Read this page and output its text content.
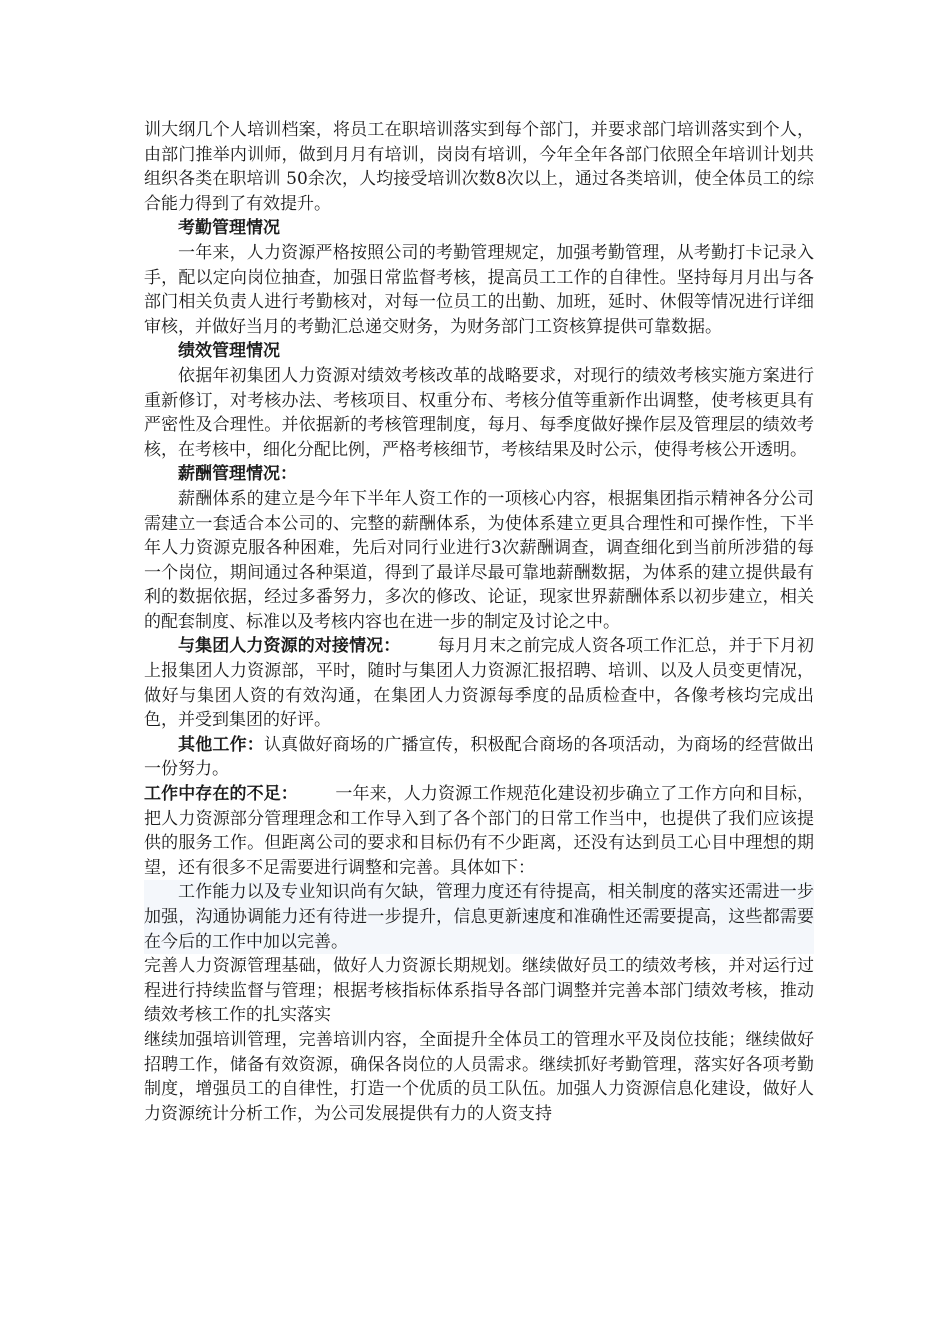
训大纲几个人培训档案，将员工在职培训落实到每个部门，并要求部门培训落实到个人，由部门推举内训师，做到月月有培训，岗岗有培训，今年全年各部门依照全年培训计划共组织各类在职培训 50余次，人均接受培训次数8次以上，通过各类培训，使全体员工的综合能力得到了有效提升。

考勤管理情况

一年来，人力资源严格按照公司的考勤管理规定，加强考勤管理，从考勤打卡记录入手，配以定向岗位抽查，加强日常监督考核，提高员工工作的自律性。坚持每月月出与各部门相关负责人进行考勤核对，对每一位员工的出勤、加班，延时、休假等情况进行详细审核，并做好当月的考勤汇总递交财务，为财务部门工资核算提供可靠数据。

绩效管理情况

依据年初集团人力资源对绩效考核改革的战略要求，对现行的绩效考核实施方案进行重新修订，对考核办法、考核项目、权重分布、考核分值等重新作出调整，使考核更具有严密性及合理性。并依据新的考核管理制度，每月、每季度做好操作层及管理层的绩效考核，在考核中，细化分配比例，严格考核细节，考核结果及时公示，使得考核公开透明。

薪酬管理情况：

薪酬体系的建立是今年下半年人资工作的一项核心内容，根据集团指示精神各分公司需建立一套适合本公司的、完整的薪酬体系，为使体系建立更具合理性和可操作性，下半年人力资源克服各种困难，先后对同行业进行3次薪酬调查，调查细化到当前所涉猎的每一个岗位，期间通过各种渠道，得到了最详尽最可靠地薪酬数据，为体系的建立提供最有利的数据依据，经过多番努力，多次的修改、论证，现家世界薪酬体系以初步建立，相关的配套制度、标准以及考核内容也在进一步的制定及讨论之中。

与集团人力资源的对接情况： 每月月末之前完成人资各项工作汇总，并于下月初上报集团人力资源部，平时，随时与集团人力资源汇报招聘、培训、以及人员变更情况，做好与集团人资的有效沟通，在集团人力资源每季度的品质检查中，各像考核均完成出色，并受到集团的好评。

其他工作：认真做好商场的广播宣传，积极配合商场的各项活动，为商场的经营做出一份努力。

工作中存在的不足： 一年来，人力资源工作规范化建设初步确立了工作方向和目标，把人力资源部分管理理念和工作导入到了各个部门的日常工作当中，也提供了我们应该提供的服务工作。但距离公司的要求和目标仍有不少距离，还没有达到员工心目中理想的期望，还有很多不足需要进行调整和完善。具体如下：

工作能力以及专业知识尚有欠缺，管理力度还有待提高，相关制度的落实还需进一步加强，沟通协调能力还有待进一步提升，信息更新速度和准确性还需要提高，这些都需要在今后的工作中加以完善。

完善人力资源管理基础，做好人力资源长期规划。继续做好员工的绩效考核，并对运行过程进行持续监督与管理；根据考核指标体系指导各部门调整并完善本部门绩效考核，推动绩效考核工作的扎实落实

继续加强培训管理，完善培训内容，全面提升全体员工的管理水平及岗位技能；继续做好招聘工作，储备有效资源，确保各岗位的人员需求。继续抓好考勤管理，落实好各项考勤制度，增强员工的自律性，打造一个优质的员工队伍。加强人力资源信息化建设，做好人力资源统计分析工作，为公司发展提供有力的人资支持
